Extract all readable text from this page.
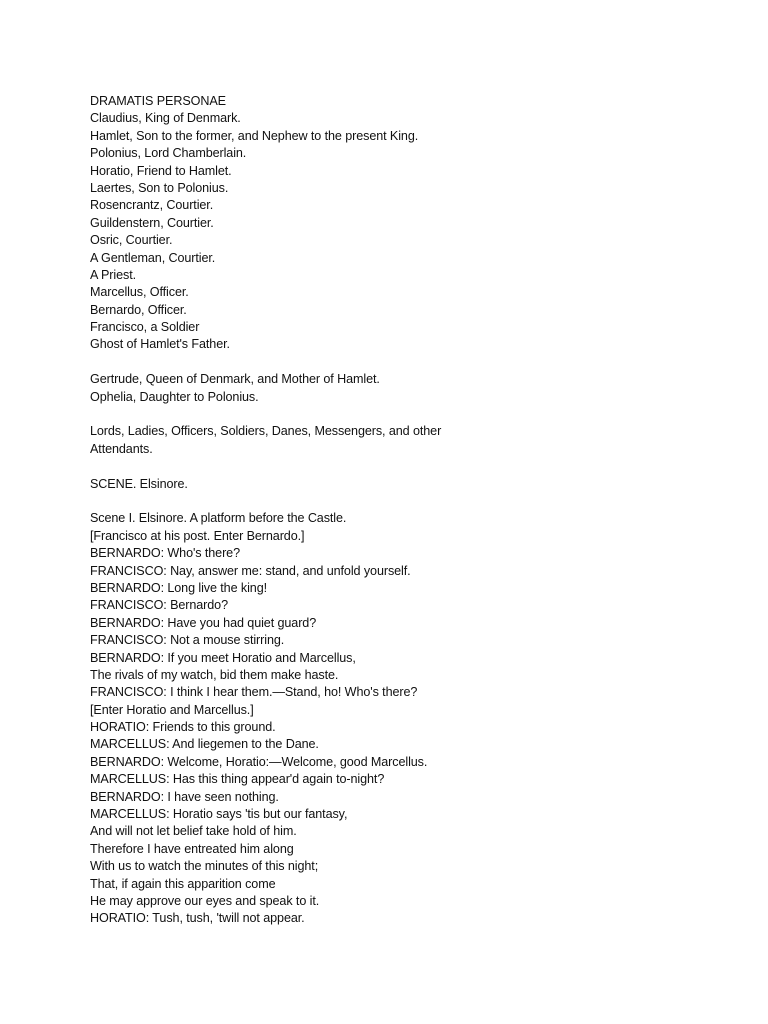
DRAMATIS PERSONAE
Claudius, King of Denmark.
Hamlet, Son to the former, and Nephew to the present King.
Polonius, Lord Chamberlain.
Horatio, Friend to Hamlet.
Laertes, Son to Polonius.
Rosencrantz, Courtier.
Guildenstern, Courtier.
Osric, Courtier.
A Gentleman, Courtier.
A Priest.
Marcellus, Officer.
Bernardo, Officer.
Francisco, a Soldier
Ghost of Hamlet's Father.
Gertrude, Queen of Denmark, and Mother of Hamlet.
Ophelia, Daughter to Polonius.
Lords, Ladies, Officers, Soldiers, Danes, Messengers, and other
Attendants.
SCENE. Elsinore.
Scene I. Elsinore. A platform before the Castle.
[Francisco at his post. Enter Bernardo.]
BERNARDO: Who's there?
FRANCISCO: Nay, answer me: stand, and unfold yourself.
BERNARDO: Long live the king!
FRANCISCO: Bernardo?
BERNARDO: Have you had quiet guard?
FRANCISCO: Not a mouse stirring.
BERNARDO: If you meet Horatio and Marcellus,
The rivals of my watch, bid them make haste.
FRANCISCO: I think I hear them.—Stand, ho! Who's there?
[Enter Horatio and Marcellus.]
HORATIO: Friends to this ground.
MARCELLUS: And liegemen to the Dane.
BERNARDO: Welcome, Horatio:—Welcome, good Marcellus.
MARCELLUS: Has this thing appear'd again to-night?
BERNARDO: I have seen nothing.
MARCELLUS: Horatio says 'tis but our fantasy,
And will not let belief take hold of him.
Therefore I have entreated him along
With us to watch the minutes of this night;
That, if again this apparition come
He may approve our eyes and speak to it.
HORATIO: Tush, tush, 'twill not appear.
